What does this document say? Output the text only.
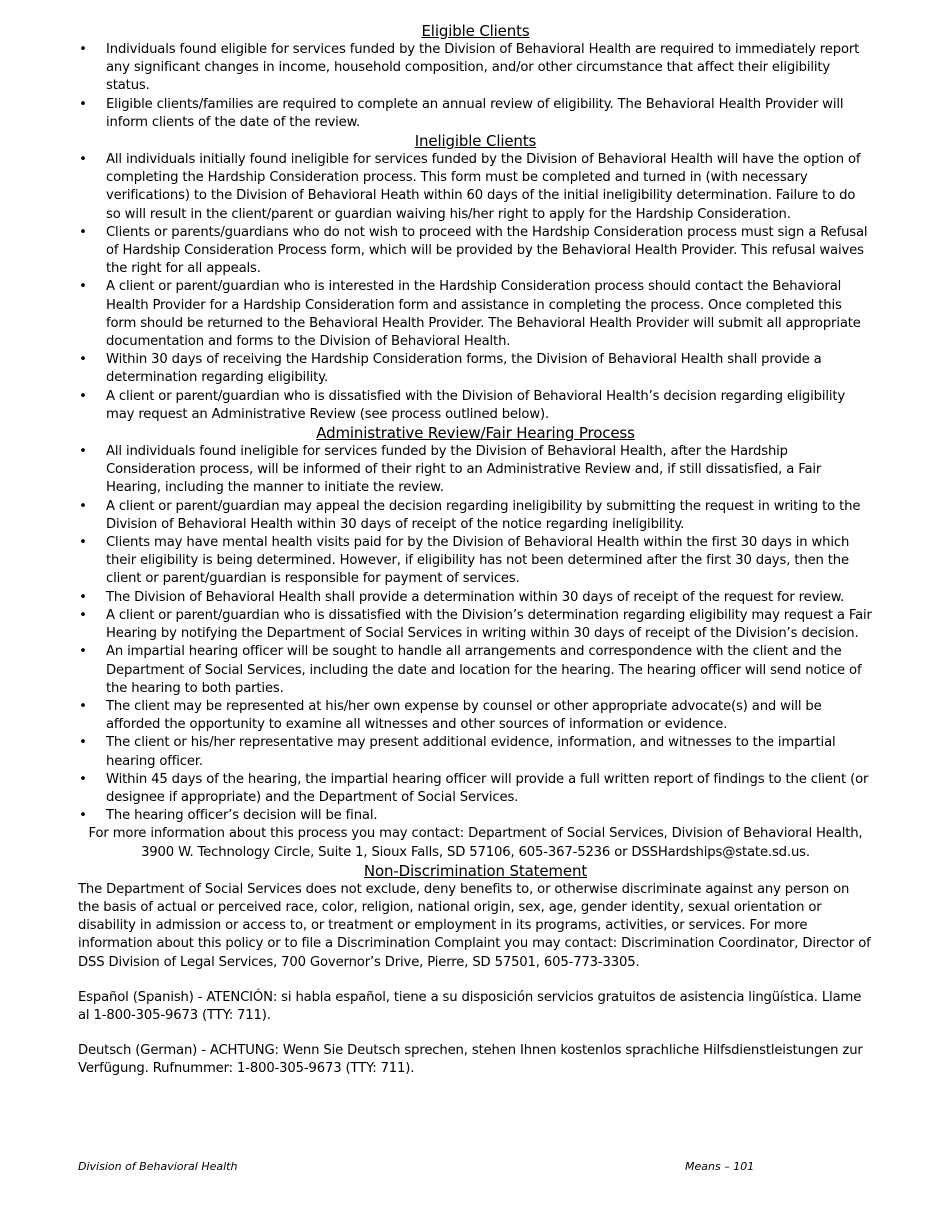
Eligible Clients
• Individuals found eligible for services funded by the Division of Behavioral Health are required to immediately report any significant changes in income, household composition, and/or other circumstance that affect their eligibility status.
• Eligible clients/families are required to complete an annual review of eligibility. The Behavioral Health Provider will inform clients of the date of the review.
Ineligible Clients
• All individuals initially found ineligible for services funded by the Division of Behavioral Health will have the option of completing the Hardship Consideration process. This form must be completed and turned in (with necessary verifications) to the Division of Behavioral Heath within 60 days of the initial ineligibility determination. Failure to do so will result in the client/parent or guardian waiving his/her right to apply for the Hardship Consideration.
• Clients or parents/guardians who do not wish to proceed with the Hardship Consideration process must sign a Refusal of Hardship Consideration Process form, which will be provided by the Behavioral Health Provider. This refusal waives the right for all appeals.
• A client or parent/guardian who is interested in the Hardship Consideration process should contact the Behavioral Health Provider for a Hardship Consideration form and assistance in completing the process. Once completed this form should be returned to the Behavioral Health Provider. The Behavioral Health Provider will submit all appropriate documentation and forms to the Division of Behavioral Health.
• Within 30 days of receiving the Hardship Consideration forms, the Division of Behavioral Health shall provide a determination regarding eligibility.
• A client or parent/guardian who is dissatisfied with the Division of Behavioral Health’s decision regarding eligibility may request an Administrative Review (see process outlined below).
Administrative Review/Fair Hearing Process
• All individuals found ineligible for services funded by the Division of Behavioral Health, after the Hardship Consideration process, will be informed of their right to an Administrative Review and, if still dissatisfied, a Fair Hearing, including the manner to initiate the review.
• A client or parent/guardian may appeal the decision regarding ineligibility by submitting the request in writing to the Division of Behavioral Health within 30 days of receipt of the notice regarding ineligibility.
• Clients may have mental health visits paid for by the Division of Behavioral Health within the first 30 days in which their eligibility is being determined. However, if eligibility has not been determined after the first 30 days, then the client or parent/guardian is responsible for payment of services.
• The Division of Behavioral Health shall provide a determination within 30 days of receipt of the request for review.
• A client or parent/guardian who is dissatisfied with the Division’s determination regarding eligibility may request a Fair Hearing by notifying the Department of Social Services in writing within 30 days of receipt of the Division’s decision.
• An impartial hearing officer will be sought to handle all arrangements and correspondence with the client and the Department of Social Services, including the date and location for the hearing. The hearing officer will send notice of the hearing to both parties.
• The client may be represented at his/her own expense by counsel or other appropriate advocate(s) and will be afforded the opportunity to examine all witnesses and other sources of information or evidence.
• The client or his/her representative may present additional evidence, information, and witnesses to the impartial hearing officer.
• Within 45 days of the hearing, the impartial hearing officer will provide a full written report of findings to the client (or designee if appropriate) and the Department of Social Services.
• The hearing officer’s decision will be final.

For more information about this process you may contact: Department of Social Services, Division of Behavioral Health, 3900 W. Technology Circle, Suite 1, Sioux Falls, SD 57106, 605-367-5236 or DSSHardships@state.sd.us.

Non-Discrimination Statement

The Department of Social Services does not exclude, deny benefits to, or otherwise discriminate against any person on the basis of actual or perceived race, color, religion, national origin, sex, age, gender identity, sexual orientation or disability in admission or access to, or treatment or employment in its programs, activities, or services. For more information about this policy or to file a Discrimination Complaint you may contact: Discrimination Coordinator, Director of DSS Division of Legal Services, 700 Governor’s Drive, Pierre, SD 57501, 605-773-3305.

Español (Spanish) - ATENCIÓN: si habla español, tiene a su disposición servicios gratuitos de asistencia lingüística. Llame al 1-800-305-9673 (TTY: 711).

Deutsch (German) - ACHTUNG: Wenn Sie Deutsch sprechen, stehen Ihnen kostenlos sprachliche Hilfsdienstleistungen zur Verfügung. Rufnummer: 1-800-305-9673 (TTY: 711).

Division of Behavioral Health	Means – 101
